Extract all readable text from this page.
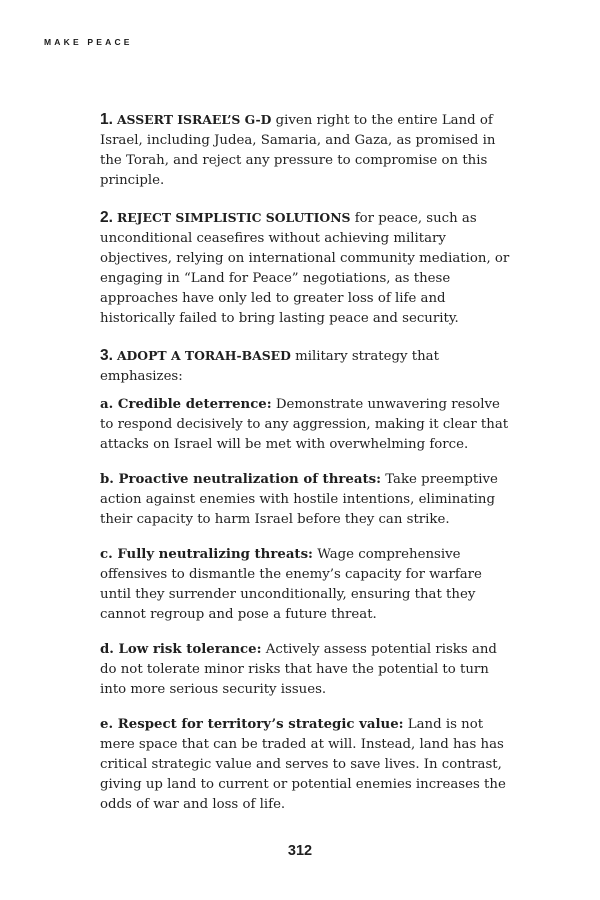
MAKE PEACE

1. ASSERT ISRAEL’S G-D given right to the entire Land of Israel, including Judea, Samaria, and Gaza, as promised in the Torah, and reject any pressure to compromise on this principle.

2. REJECT SIMPLISTIC SOLUTIONS for peace, such as unconditional ceasefires without achieving military objectives, relying on international community mediation, or engaging in “Land for Peace” negotiations, as these approaches have only led to greater loss of life and historically failed to bring lasting peace and security.

3. ADOPT A TORAH-BASED military strategy that emphasizes:

a. Credible deterrence: Demonstrate unwavering resolve to respond decisively to any aggression, making it clear that attacks on Israel will be met with overwhelming force.

b. Proactive neutralization of threats: Take preemptive action against enemies with hostile intentions, eliminating their capacity to harm Israel before they can strike.

c. Fully neutralizing threats: Wage comprehensive offensives to dismantle the enemy’s capacity for warfare until they surrender unconditionally, ensuring that they cannot regroup and pose a future threat.

d. Low risk tolerance: Actively assess potential risks and do not tolerate minor risks that have the potential to turn into more serious security issues.

e. Respect for territory’s strategic value: Land is not mere space that can be traded at will. Instead, land has has critical strategic value and serves to save lives. In contrast, giving up land to current or potential enemies increases the odds of war and loss of life.

312
